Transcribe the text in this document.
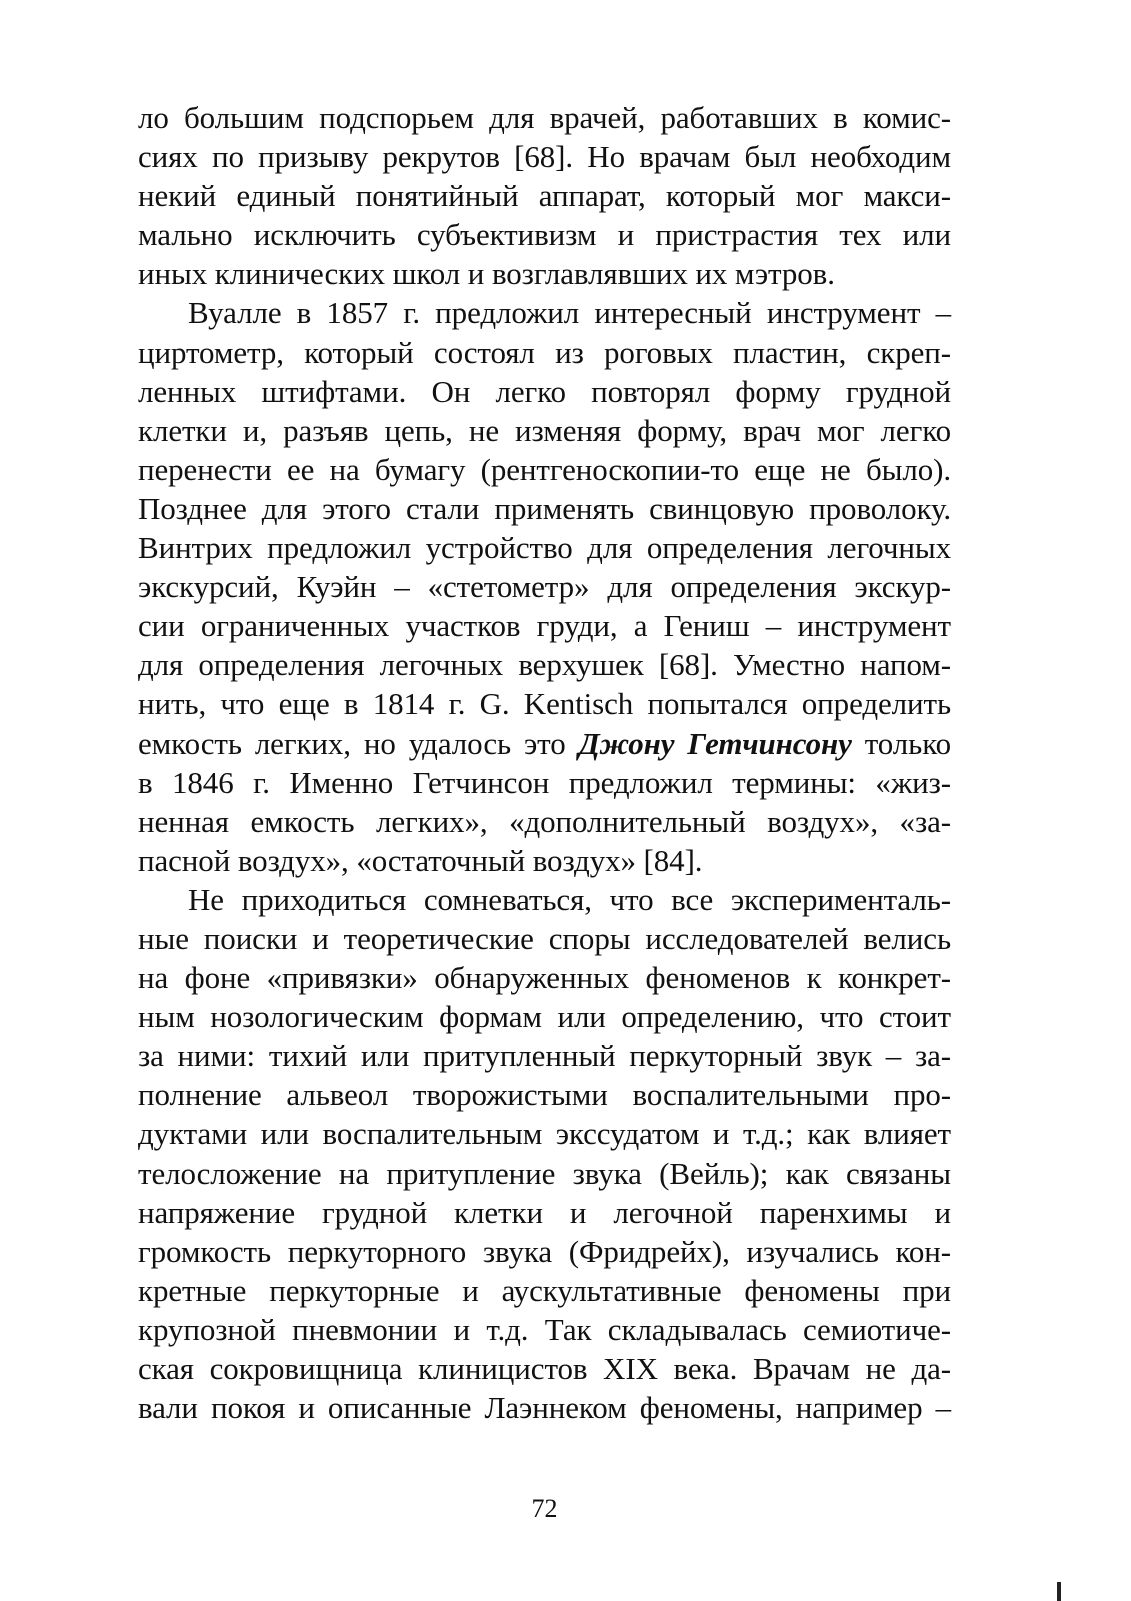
ло большим подспорьем для врачей, работавших в комис-
сиях по призыву рекрутов [68]. Но врачам был необходим
некий единый понятийный аппарат, который мог макси-
мально исключить субъективизм и пристрастия тех или
иных клинических школ и возглавлявших их мэтров.
Вуалле в 1857 г. предложил интересный инструмент –
циртометр, который состоял из роговых пластин, скреп-
ленных штифтами. Он легко повторял форму грудной
клетки и, разъяв цепь, не изменяя форму, врач мог легко
перенести ее на бумагу (рентгеноскопии-то еще не было).
Позднее для этого стали применять свинцовую проволоку.
Винтрих предложил устройство для определения легочных
экскурсий, Куэйн – «стетометр» для определения экскур-
сии ограниченных участков груди, а Гениш – инструмент
для определения легочных верхушек [68]. Уместно напом-
нить, что еще в 1814 г. G. Kentisch попытался определить
емкость легких, но удалось это Джону Гетчинсону только
в 1846 г. Именно Гетчинсон предложил термины: «жиз-
ненная емкость легких», «дополнительный воздух», «за-
пасной воздух», «остаточный воздух» [84].
Не приходиться сомневаться, что все эксперименталь-
ные поиски и теоретические споры исследователей велись
на фоне «привязки» обнаруженных феноменов к конкрет-
ным нозологическим формам или определению, что стоит
за ними: тихий или притупленный перкуторный звук – за-
полнение альвеол творожистыми воспалительными про-
дуктами или воспалительным экссудатом и т.д.; как влияет
телосложение на притупление звука (Вейль); как связаны
напряжение грудной клетки и легочной паренхимы и
громкость перкуторного звука (Фридрейх), изучались кон-
кретные перкуторные и аускультативные феномены при
крупозной пневмонии и т.д. Так складывалась семиотиче-
ская сокровищница клиницистов XIX века. Врачам не да-
вали покоя и описанные Лаэннеком феномены, например –
72
